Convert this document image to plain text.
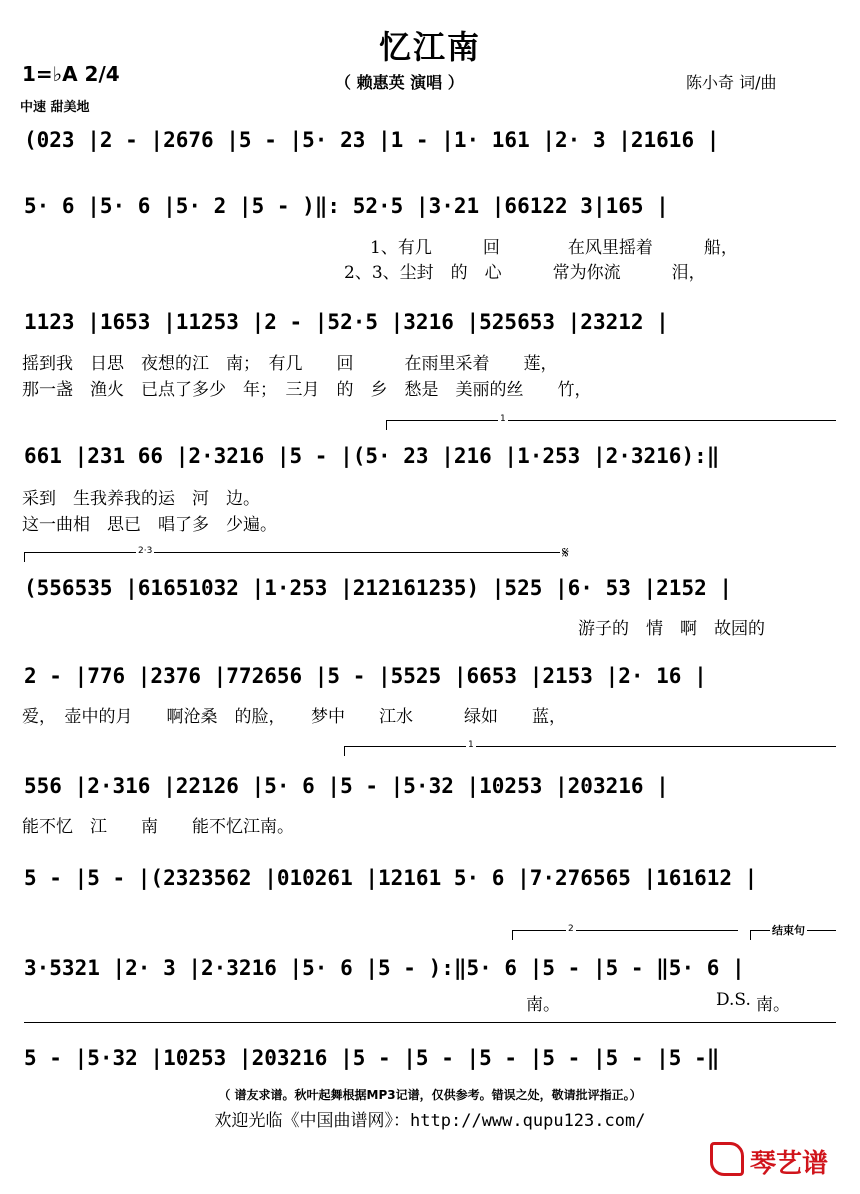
忆江南
1=♭A 2/4
中速 甜美地
（ 赖惠英 演唱 ）	陈小奇 词/曲
(023 |2 - |2676 |5 - |5· 23 |1 - |1· 161 |2· 3 |21616 |
5· 6 |5· 6 |5· 2 |5 - )‖: 52·5 |3·21 |66122 3|165 |
1、有几　　　回　　　　在风里摇着　　　船，
2、3、尘封　的　心　　　常为你流　　　泪，
1123 |1653 |11253 |2 - |52·5 |3216 |525653 |23212 |
摇到我　日思　夜想的江　南；　有几　　回　　　在雨里采着　　莲，
那一盏　渔火　已点了多少　年；　三月　的　乡　愁是　美丽的丝　　竹，
1
661 |231 66 |2·3216 |5 - |(5· 23 |216 |1·253 |2·3216):‖
采到　生我养我的运　河　边。
这一曲相　思已　唱了多　少遍。
2·3	𝄋
(556535 |61651032 |1·253 |212161235) |525 |6· 53 |2152 |
游子的　情　啊　故园的
2 - |776 |2376 |772656 |5 - |5525 |6653 |2153 |2· 16 |
爱，　壶中的月　　啊沧桑　的脸，　　梦中　　江水　　　绿如　　蓝，
1
556 |2·316 |22126 |5· 6 |5 - |5·32 |10253 |203216 |
能不忆　江　　南　　能不忆江南。
5 - |5 - |(2323562 |010261 |12161 5· 6 |7·276565 |161612 |
2	结束句
3·5321 |2· 3 |2·3216 |5· 6 |5 - ):‖5· 6 |5 - |5 - ‖5· 6 |
南。	D.S. 南。
5 - |5·32 |10253 |203216 |5 - |5 - |5 - |5 - |5 - |5 -‖
（ 谱友求谱。秋叶起舞根据MP3记谱，仅供参考。错误之处，敬请批评指正。）
欢迎光临《中国曲谱网》：http://www.qupu123.com/
琴艺谱
